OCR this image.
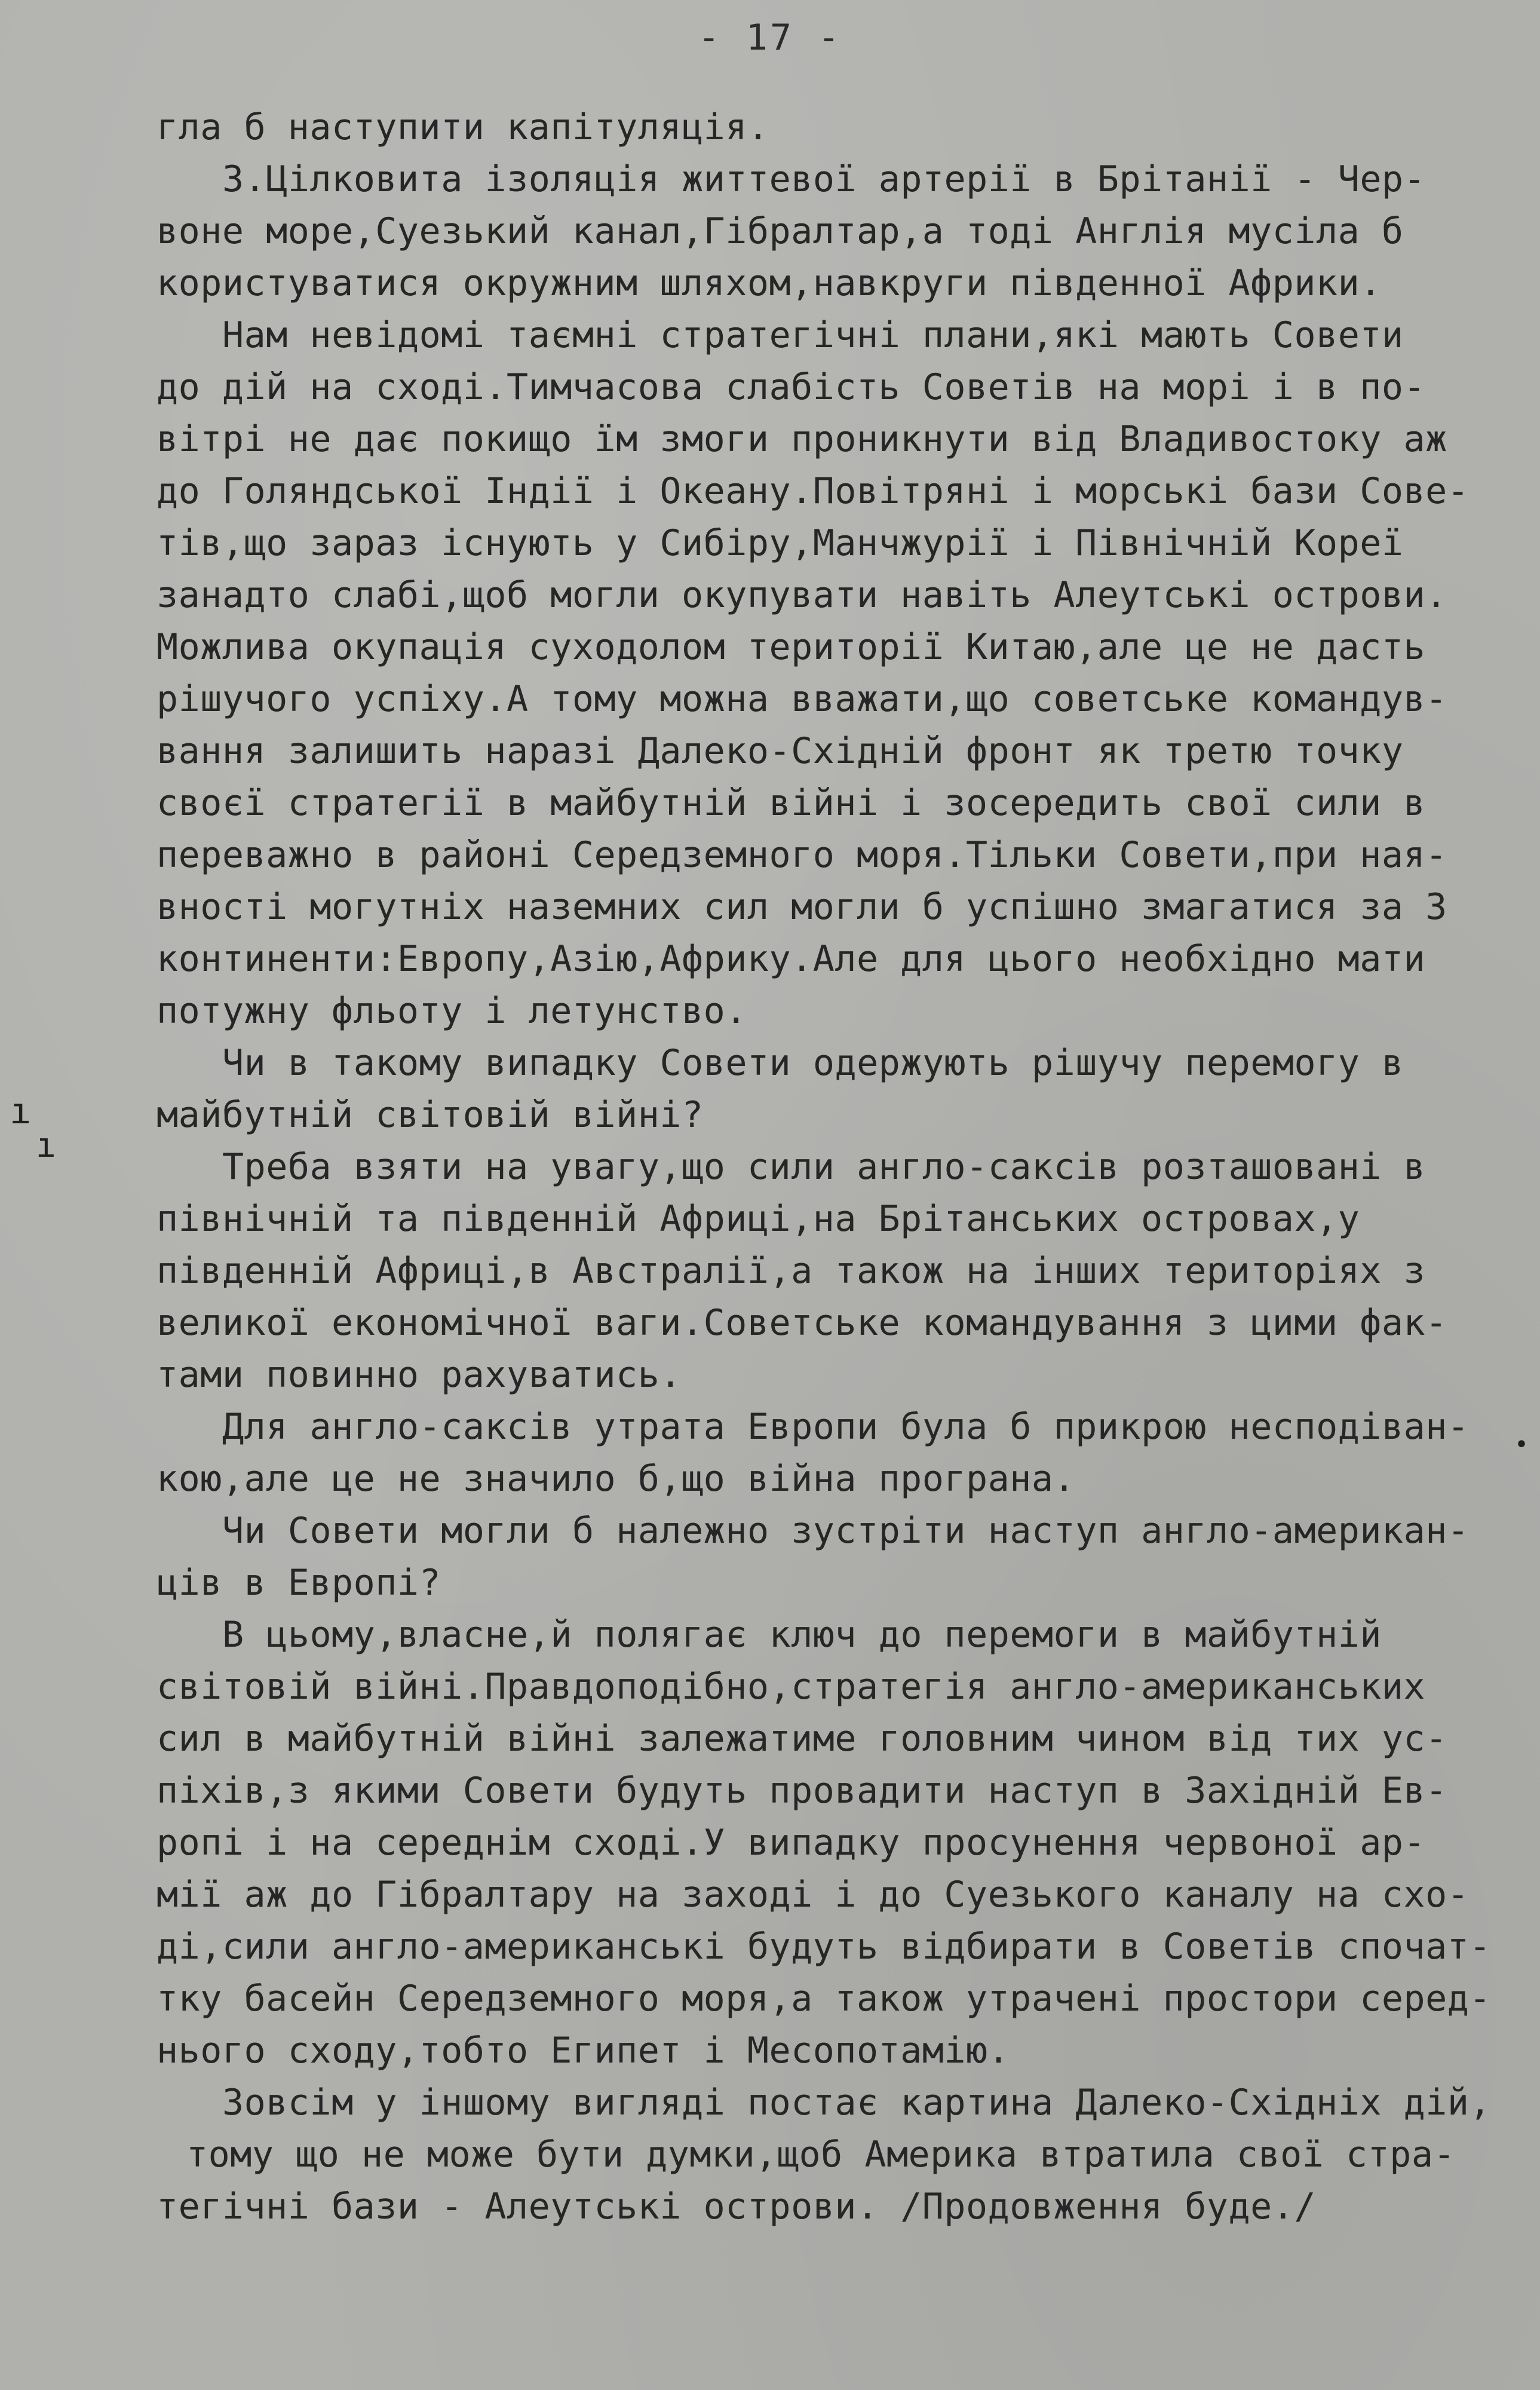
- 17 -
гла б наступити капітуляція.
3.Цілковита ізоляція життевої артерії в Брітанії - Чер-
воне море,Суезький канал,Гібралтар,а тоді Англія мусіла б
користуватися окружним шляхом,навкруги південної Африки.
Нам невідомі таємні стратегічні плани,які мають Совети
до дій на сході.Тимчасова слабість Советів на морі і в по-
вітрі не дає покищо їм змоги проникнути від Владивостоку аж
до Голяндської Індії і Океану.Повітряні і морські бази Сове-
тів,що зараз існують у Сибіру,Манчжурії і Північній Кореї
занадто слабі,щоб могли окупувати навіть Алеутські острови.
Можлива окупація суходолом території Китаю,але це не дасть
рішучого успіху.А тому можна вважати,що советське командув-
вання залишить наразі Далеко-Східній фронт як третю точку
своєї стратегії в майбутній війні і зосередить свої сили в
переважно в районі Середземного моря.Тільки Совети,при ная-
вності могутніх наземних сил могли б успішно змагатися за 3
континенти:Европу,Азію,Африку.Але для цього необхідно мати
потужну фльоту і летунство.
Чи в такому випадку Совети одержують рішучу перемогу в
майбутній світовій війні?
Треба взяти на увагу,що сили англо-саксів розташовані в
північній та південній Африці,на Брітанських островах,у
південній Африці,в Австралії,а також на інших територіях з
великої економічної ваги.Советське командування з цими фак-
тами повинно рахуватись.
Для англо-саксів утрата Европи була б прикрою несподіван-
кою,але це не значило б,що війна програна.
Чи Совети могли б належно зустріти наступ англо-американ-
ців в Европі?
В цьому,власне,й полягає ключ до перемоги в майбутній
світовій війні.Правдоподібно,стратегія англо-американських
сил в майбутній війні залежатиме головним чином від тих ус-
піхів,з якими Совети будуть провадити наступ в Західній Ев-
ропі і на середнім сході.У випадку просунення червоної ар-
мії аж до Гібралтару на заході і до Суезького каналу на схо-
ді,сили англо-американські будуть відбирати в Советів спочат-
тку басейн Середземного моря,а також утрачені простори серед-
нього сходу,тобто Египет і Месопотамію.
Зовсім у іншому вигляді постає картина Далеко-Східніх дій,
тому що не може бути думки,щоб Америка втратила свої стра-
тегічні бази - Алеутські острови. /Продовження буде./
ı
ı
•
